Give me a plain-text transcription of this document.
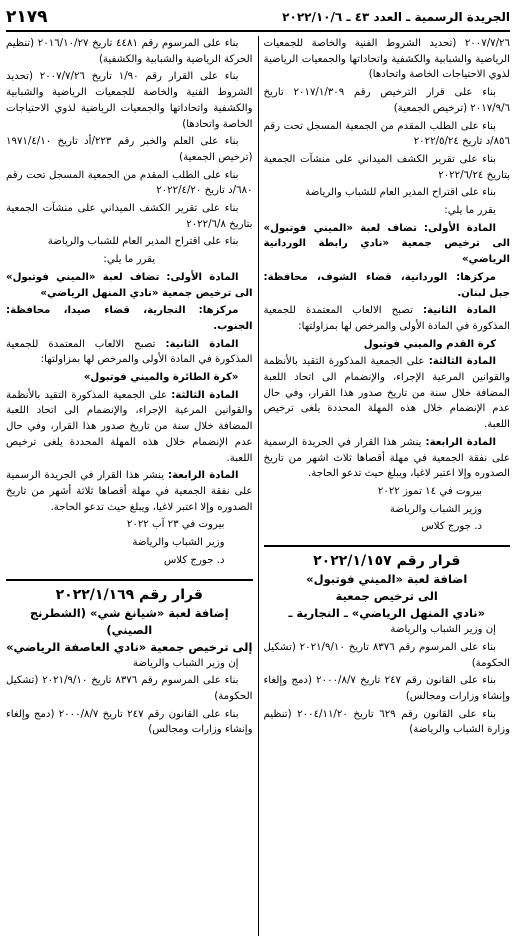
الجريدة الرسمية ـ العدد ٤٣ ـ ٢٠٢٢/١٠/٦
٢١٧٩

٢٠٠٧/٧/٢٦ (تحديد الشروط الفنية والخاصة للجمعيات الرياضية والشبابية والكشفية واتحاداتها والجمعيات الرياضية لذوي الاحتياجات الخاصة واتحادها)

بناء على قرار الترخيص رقم ٢٠١٧/١/٣٠٩ تاريخ ٢٠١٧/٩/٦ (ترخيص الجمعية)

بناء على الطلب المقدم من الجمعية المسجل تحت رقم ٨٥٦/د تاريخ ٢٠٢٢/٥/٢٤

بناء على تقرير الكشف الميداني على منشآت الجمعية بتاريخ ٢٠٢٢/٦/٢٤

بناء على اقتراح المدير العام للشباب والرياضة

يقرر ما يلي:

المادة الأولى: تضاف لعبة «الميني فوتبول» الى ترخيص جمعية «نادي رابطة الوردانية الرياضي»

مركزها: الوردانية، قضاء الشوف، محافظة: جبل لبنان.

المادة الثانية: تصبح الالعاب المعتمدة للجمعية المذكورة في المادة الأولى والمرخص لها بمزاولتها:

كرة القدم والميني فوتبول

المادة الثالثة: على الجمعية المذكورة التقيد بالأنظمة والقوانين المرعية الإجراء، والإنضمام الى اتحاد اللعبة المضافة خلال سنة من تاريخ صدور هذا القرار، وفي حال عدم الإنضمام خلال هذه المهلة المحددة يلغى ترخيص اللعبة.

المادة الرابعة: ينشر هذا القرار في الجريدة الرسمية على نفقة الجمعية في مهلة أقصاها ثلاث اشهر من تاريخ الصدوره وإلا اعتبر لاغيا، ويبلغ حيث تدعو الحاجة.

بيروت في ١٤ تموز ٢٠٢٢

وزير الشباب والرياضة

د. جورج كلاس

قرار رقم ٢٠٢٢/١/١٥٧
اضافة لعبة «الميني فوتبول»
الى ترخيص جمعية
«نادي المنهل الرياضي» ـ النجارية ـ

إن وزير الشباب والرياضة

بناء على المرسوم رقم ٨٣٧٦ تاريخ ٢٠٢١/٩/١٠ (تشكيل الحكومة)

بناء على القانون رقم ٢٤٧ تاريخ ٢٠٠٠/٨/٧ (دمج وإلغاء وإنشاء وزارات ومجالس)

بناء على القانون رقم ٦٢٩ تاريخ ٢٠٠٤/١١/٢٠ (تنظيم وزارة الشباب والرياضة)

بناء على المرسوم رقم ٤٤٨١ تاريخ ٢٠١٦/١٠/٢٧ (تنظيم الحركة الرياضية والشبابية والكشفية)

بناء على القرار رقم ١/٩٠ تاريخ ٢٠٠٧/٧/٢٦ (تحديد الشروط الفنية والخاصة للجمعيات الرياضية والشبابية والكشفية واتحاداتها والجمعيات الرياضية لذوي الاحتياجات الخاصة واتحادها)

بناء على العلم والخبر رقم ٢٢٣/أد تاريخ ١٩٧١/٤/١٠ (ترخيص الجمعية)

بناء على الطلب المقدم من الجمعية المسجل تحت رقم ٦٨٠/د تاريخ ٢٠٢٢/٤/٢٠

بناء على تقرير الكشف الميداني على منشآت الجمعية بتاريخ ٢٠٢٢/٦/٨

بناء على اقتراح المدير العام للشباب والرياضة

يقرر ما يلي:

المادة الأولى: تضاف لعبة «الميني فوتبول» الى ترخيص جمعية «نادي المنهل الرياضي»

مركزها: النجارية، قضاء صيدا، محافظة: الجنوب.

المادة الثانية: تصبح الالعاب المعتمدة للجمعية المذكورة في المادة الأولى والمرخص لها بمزاولتها:

«كرة الطائرة والميني فوتبول»

المادة الثالثة: على الجمعية المذكورة التقيد بالأنظمة والقوانين المرعية الإجراء، والإنضمام الى اتحاد اللعبة المضافة خلال سنة من تاريخ صدور هذا القرار، وفي حال عدم الإنضمام خلال هذه المهلة المحددة يلغى ترخيص اللعبة.

المادة الرابعة: ينشر هذا القرار في الجريدة الرسمية على نفقة الجمعية في مهلة أقصاها ثلاثة أشهر من تاريخ الصدوره وإلا اعتبر لاغيا، ويبلغ حيث تدعو الحاجة.

بيروت في ٢٣ آب ٢٠٢٢

وزير الشباب والرياضة

د. جورج كلاس

قرار رقم ٢٠٢٢/١/١٦٩
إضافة لعبة «شيانغ شي» (الشطرنج الصيني)
إلى ترخيص جمعية «نادي العاصفة الرياضي»

إن وزير الشباب والرياضة

بناء على المرسوم رقم ٨٣٧٦ تاريخ ٢٠٢١/٩/١٠ (تشكيل الحكومة)

بناء على القانون رقم ٢٤٧ تاريخ ٢٠٠٠/٨/٧ (دمج وإلغاء وإنشاء وزارات ومجالس)
